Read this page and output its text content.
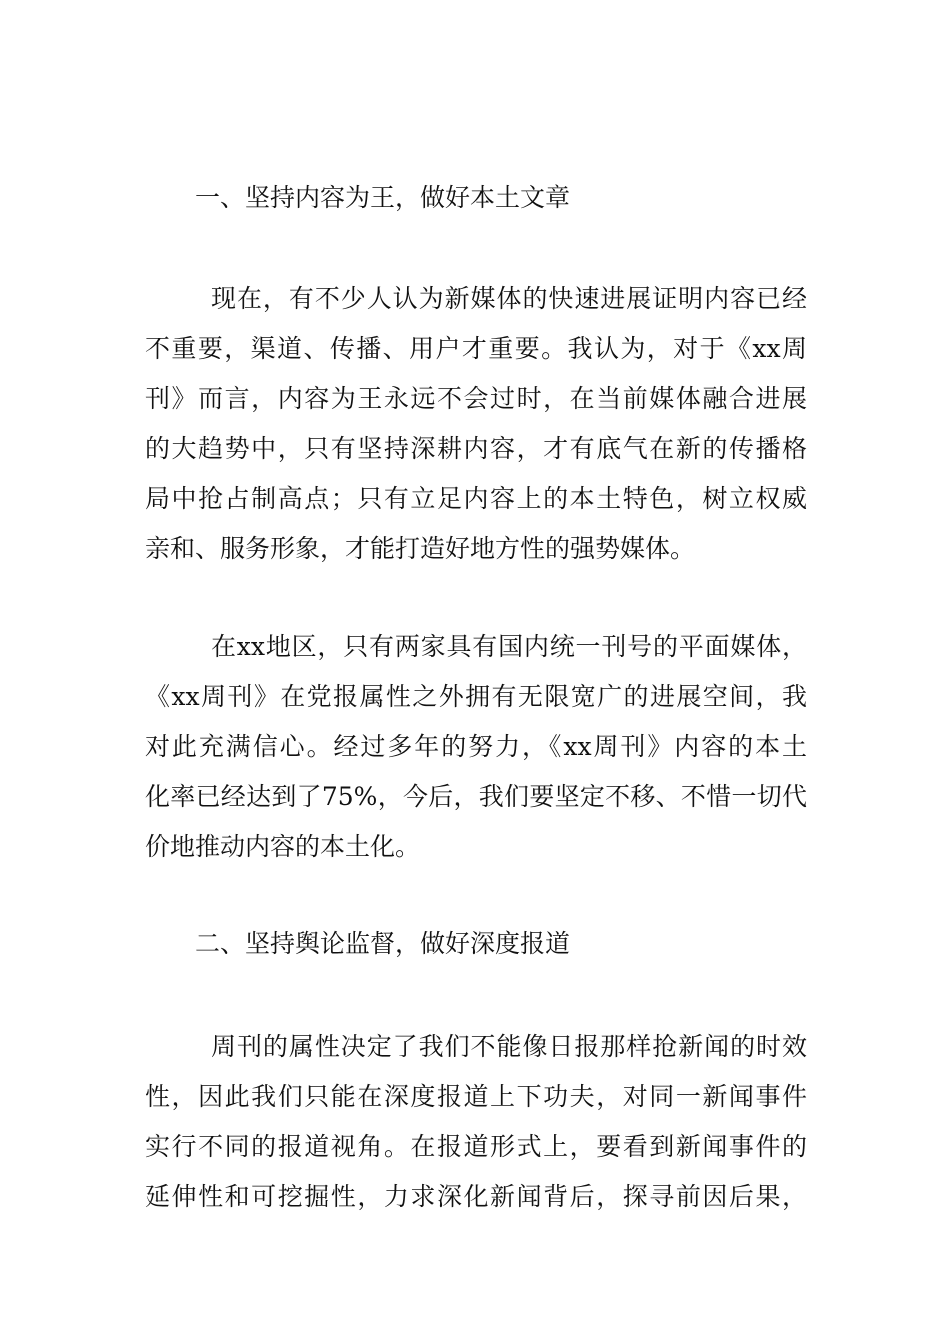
一、坚持内容为王，做好本土文章
现在，有不少人认为新媒体的快速进展证明内容已经
不重要，渠道、传播、用户才重要。我认为，对于《xx周
刊》而言，内容为王永远不会过时，在当前媒体融合进展
的大趋势中，只有坚持深耕内容，才有底气在新的传播格
局中抢占制高点；只有立足内容上的本土特色，树立权威
亲和、服务形象，才能打造好地方性的强势媒体。
在xx地区，只有两家具有国内统一刊号的平面媒体，
《xx周刊》在党报属性之外拥有无限宽广的进展空间，我
对此充满信心。经过多年的努力，《xx周刊》内容的本土
化率已经达到了75%，今后，我们要坚定不移、不惜一切代
价地推动内容的本土化。
二、坚持舆论监督，做好深度报道
周刊的属性决定了我们不能像日报那样抢新闻的时效
性，因此我们只能在深度报道上下功夫，对同一新闻事件
实行不同的报道视角。在报道形式上，要看到新闻事件的
延伸性和可挖掘性，力求深化新闻背后，探寻前因后果，
